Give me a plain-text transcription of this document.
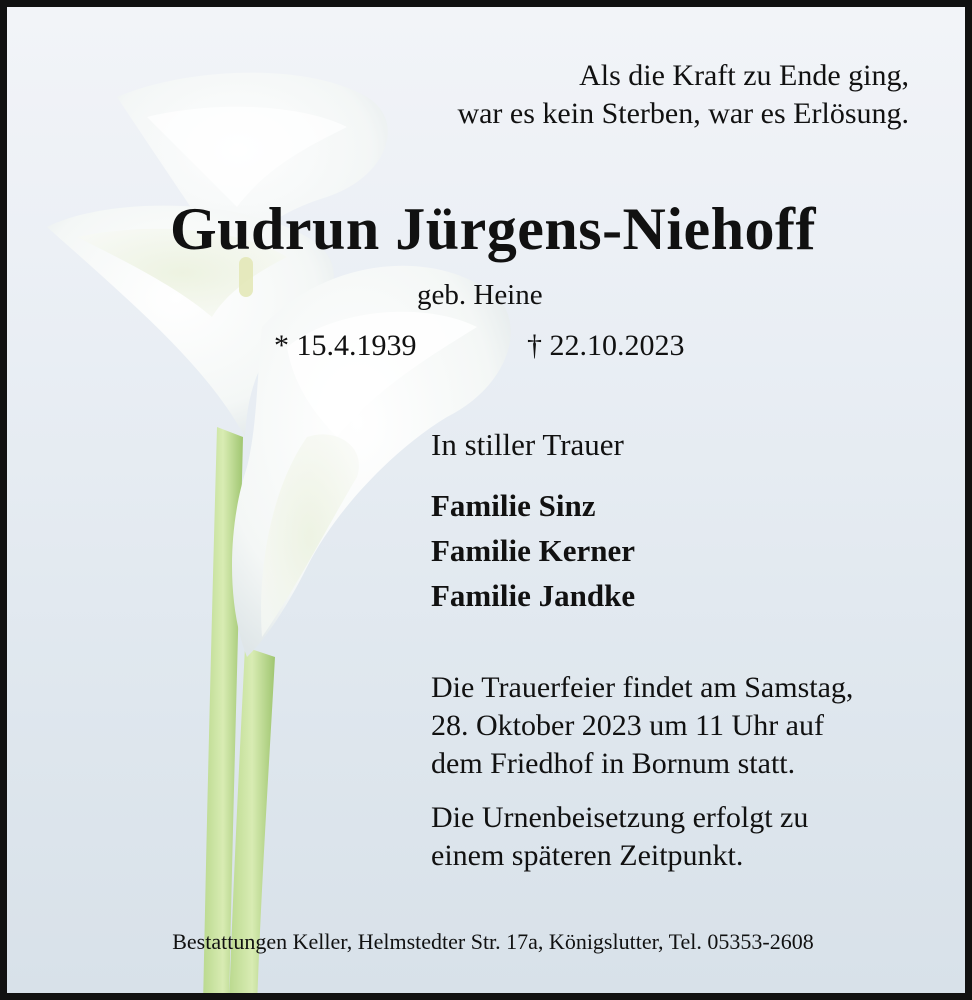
Als die Kraft zu Ende ging,
war es kein Sterben, war es Erlösung.
Gudrun Jürgens-Niehoff
geb. Heine
* 15.4.1939	† 22.10.2023
In stiller Trauer
Familie Sinz
Familie Kerner
Familie Jandke
Die Trauerfeier findet am Samstag,
28. Oktober 2023 um 11 Uhr auf
dem Friedhof in Bornum statt.
Die Urnenbeisetzung erfolgt zu
einem späteren Zeitpunkt.
Bestattungen Keller, Helmstedter Str. 17a, Königslutter, Tel. 05353-2608
